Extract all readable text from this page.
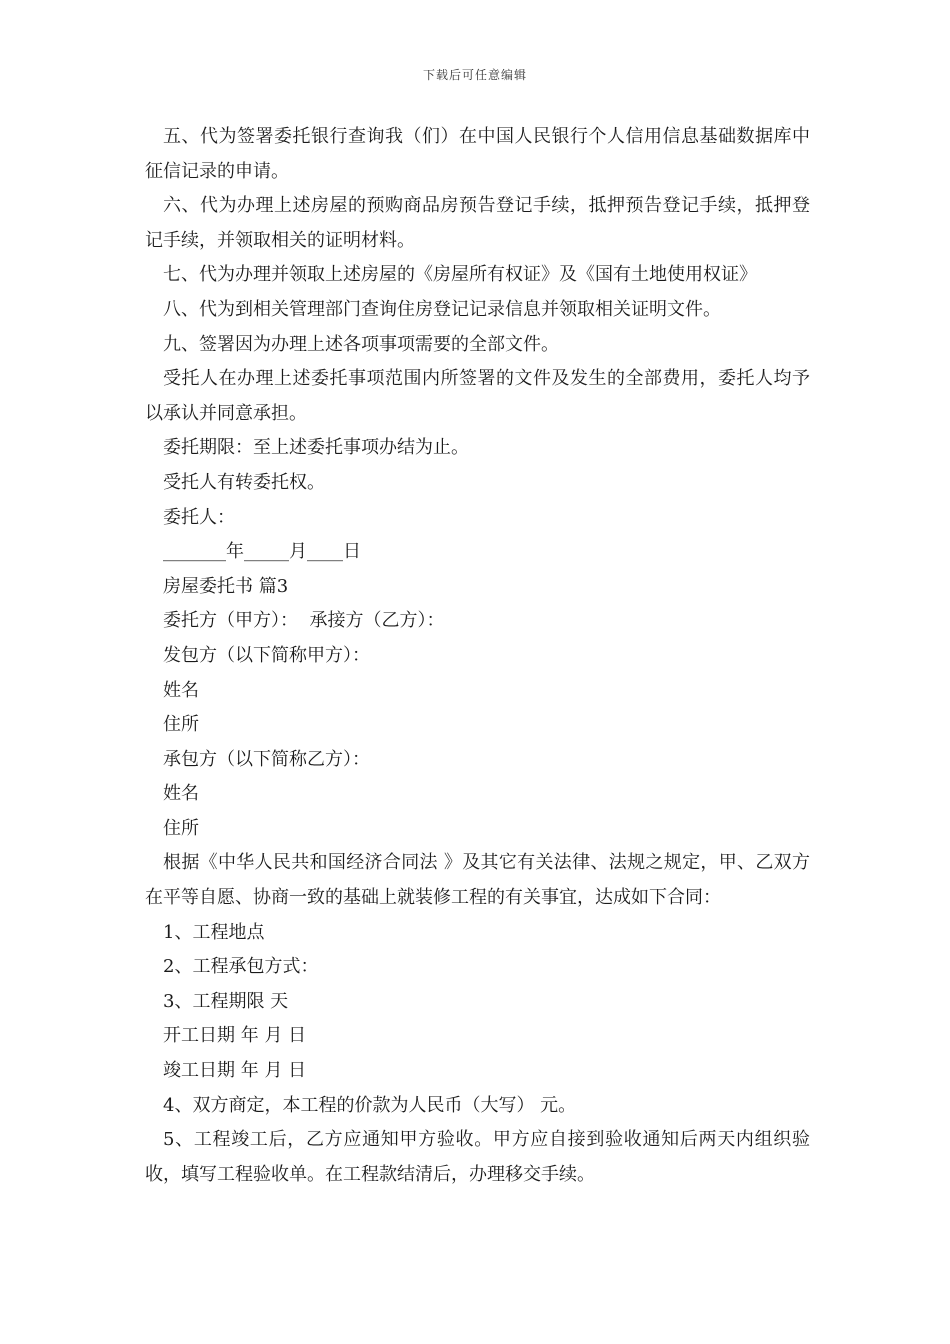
下载后可任意编辑

五、代为签署委托银行查询我（们）在中国人民银行个人信用信息基础数据库中征信记录的申请。

六、代为办理上述房屋的预购商品房预告登记手续，抵押预告登记手续，抵押登记手续，并领取相关的证明材料。

七、代为办理并领取上述房屋的《房屋所有权证》及《国有土地使用权证》

八、代为到相关管理部门查询住房登记记录信息并领取相关证明文件。

九、签署因为办理上述各项事项需要的全部文件。

受托人在办理上述委托事项范围内所签署的文件及发生的全部费用，委托人均予以承认并同意承担。

委托期限：至上述委托事项办结为止。

受托人有转委托权。

委托人：

_______年_____月____日

房屋委托书 篇3

委托方（甲方）：  承接方（乙方）：

发包方（以下简称甲方）：

姓名

住所

承包方（以下简称乙方）：

姓名

住所

根据《中华人民共和国经济合同法 》及其它有关法律、法规之规定，甲、乙双方在平等自愿、协商一致的基础上就装修工程的有关事宜，达成如下合同：

1、工程地点

2、工程承包方式：

3、工程期限 天

开工日期 年 月 日

竣工日期 年 月 日

4、双方商定，本工程的价款为人民币（大写） 元。

5、工程竣工后，乙方应通知甲方验收。甲方应自接到验收通知后两天内组织验收，填写工程验收单。在工程款结清后，办理移交手续。
